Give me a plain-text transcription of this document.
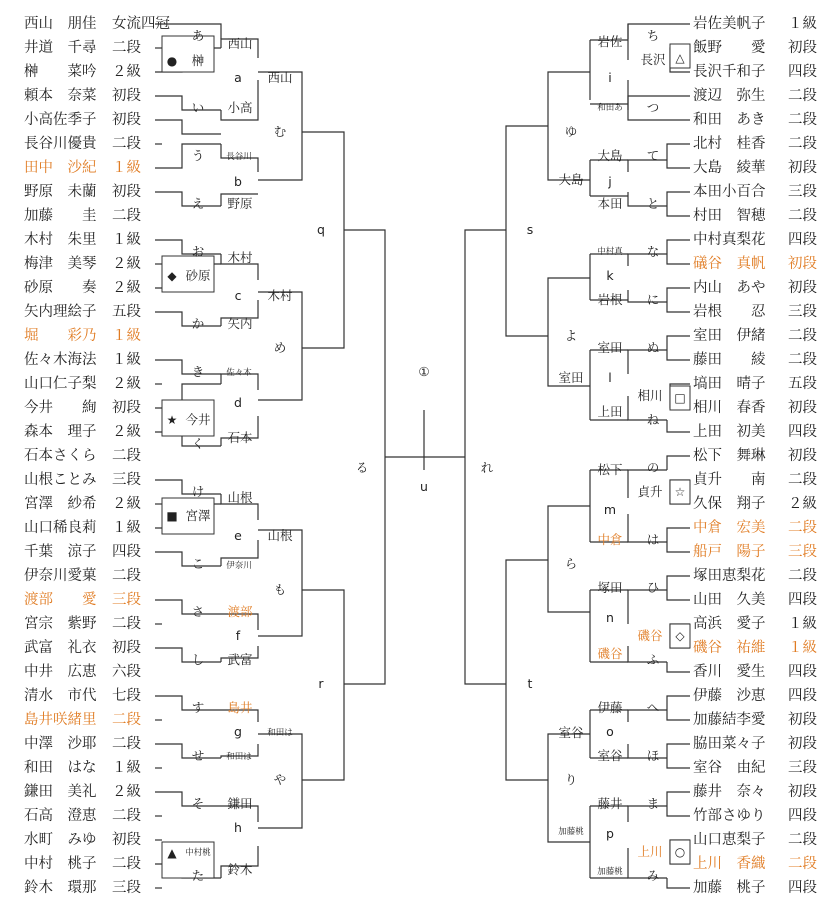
西山　朋佳 女流四冠
井道　千尋 二段
榊　　菜吟 ２級
頼本　奈菜 初段
小高佐季子 初段
長谷川優貴 二段
田中　沙紀 １級
野原　未蘭 初段
加藤　　圭 二段
木村　朱里 １級
梅津　美琴 ２級
砂原　　奏 ２級
矢内理絵子 五段
堀　　彩乃 １級
佐々木海法 １級
山口仁子梨 ２級
今井　　絢 初段
森本　理子 ２級
石本さくら 二段
山根ことみ 三段
宮澤　紗希 ２級
山口稀良莉 １級
千葉　涼子 四段
伊奈川愛菓 二段
渡部　　愛 三段
宮宗　紫野 二段
武富　礼衣 初段
中井　広恵 六段
清水　市代 七段
島井咲緒里 二段
中澤　沙耶 二段
和田　はな １級
鎌田　美礼 ２級
石高　澄恵 二段
水町　みゆ 初段
中村　桃子 二段
鈴木　環那 三段
岩佐美帆子 １級
飯野　　愛 初段
長沢千和子 四段
渡辺　弥生 二段
和田　あき 二段
北村　桂香 二段
大島　綾華 初段
本田小百合 三段
村田　智穂 二段
中村真梨花 四段
礒谷　真帆 初段
内山　あや 初段
岩根　　忍 三段
室田　伊緒 二段
藤田　　綾 二段
塙田　晴子 五段
相川　春香 初段
上田　初美 四段
松下　舞琳 初段
貞升　　南 二段
久保　翔子 ２級
中倉　宏美 二段
船戸　陽子 三段
塚田恵梨花 二段
山田　久美 四段
高浜　愛子 １級
磯谷　祐維 １級
香川　愛生 四段
伊藤　沙恵 四段
加藤結李愛 初段
脇田菜々子 初段
室谷　由紀 三段
藤井　奈々 初段
竹部さゆり 四段
山口恵梨子 二段
上川　香織 二段
加藤　桃子 四段
あ
榊
西山
a
小高
い
西山
う	長谷川
b
野原
え
む
お
砂原
木村
c
矢内
か
木村
き	佐々木
今井
d
石本
く
め
け
宮澤
山根
e
伊奈川
こ
山根
さ 渡部
f
武富
し
も
す 島井
g
和田は
せ
和田は
そ 鎌田
h
中村桃
た 鈴木
や
q
r
る
①
u
岩佐 ち
長沢
i
和田あ つ
ゆ
大島 て
j
本田 と
大島
s
中村真 な
k
岩根 に
よ
室田 ぬ
l
上田
相川
ね
室田
松下 の
貞升
m
中倉 は
れ
塚田 ひ
n
磯谷
ふ
磯谷
ら
伊藤 へ
o
室谷 ほ
室谷
t
藤井 ま
p
上川
み
加藤桃
り
加藤桃
●
◆
★
■
▲
△
□
☆
◇
○
